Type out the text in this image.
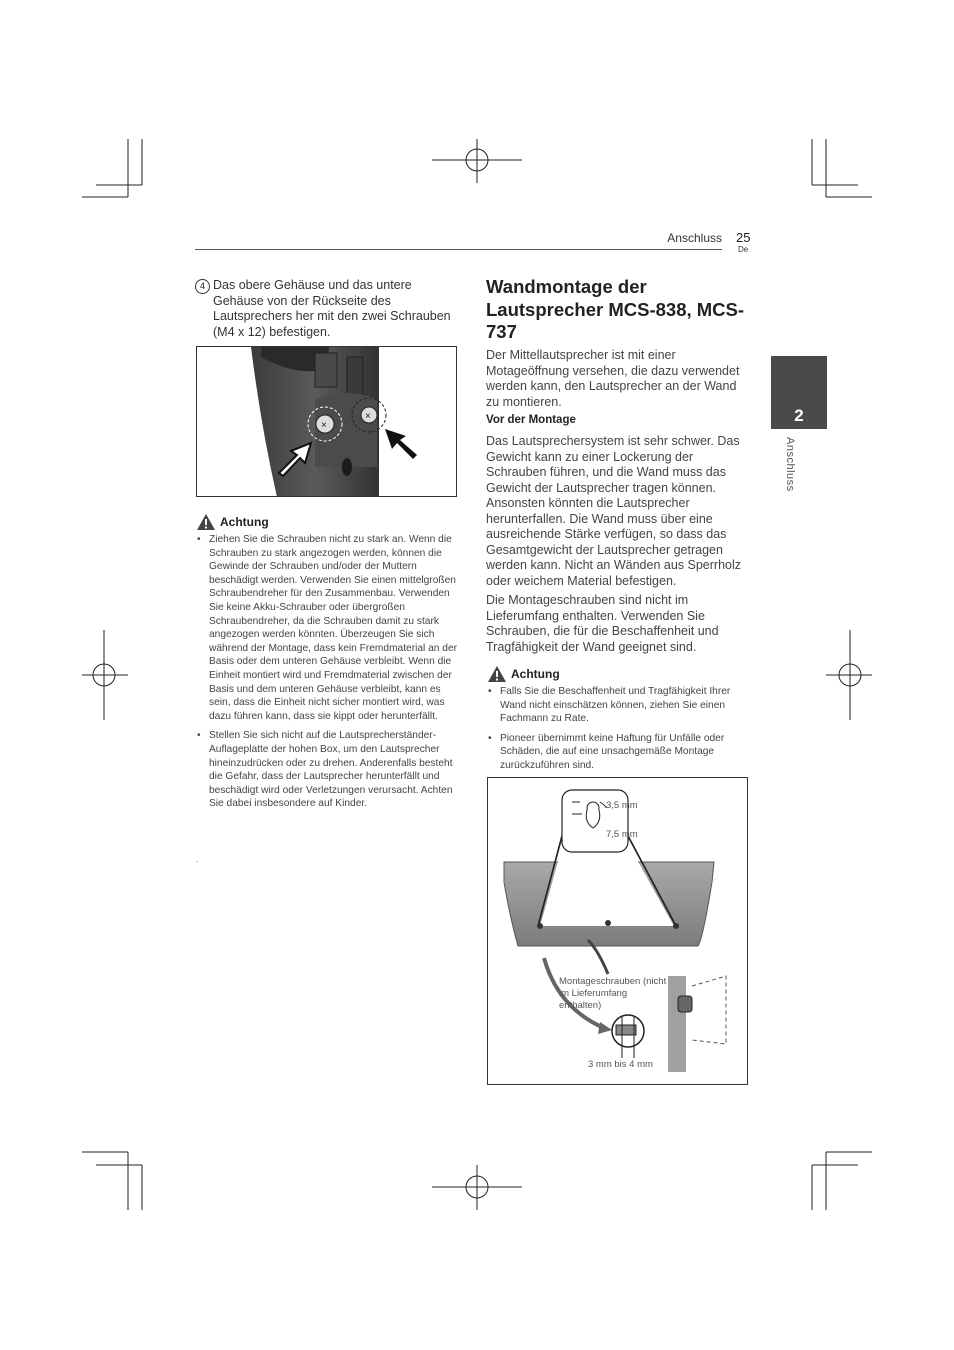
Anschluss 25
De
2
Anschluss
4 Das obere Gehäuse und das untere Gehäuse von der Rückseite des Lautsprechers her mit den zwei Schrauben (M4 x 12) befestigen.
×
×
Achtung
• Ziehen Sie die Schrauben nicht zu stark an. Wenn die Schrauben zu stark angezogen werden, können die Gewinde der Schrauben und/oder der Muttern beschädigt werden. Verwenden Sie einen mittelgroßen Schraubendreher für den Zusammenbau. Verwenden Sie keine Akku-Schrauber oder übergroßen Schraubendreher, da die Schrauben damit zu stark angezogen werden könnten. Überzeugen Sie sich während der Montage, dass kein Fremdmaterial an der Basis oder dem unteren Gehäuse verbleibt. Wenn die Einheit montiert wird und Fremdmaterial zwischen der Basis und dem unteren Gehäuse verbleibt, kann es sein, dass die Einheit nicht sicher montiert wird, was dazu führen kann, dass sie kippt oder herunterfällt.
• Stellen Sie sich nicht auf die Lautsprecherständer-Auflageplatte der hohen Box, um den Lautsprecher hineinzudrücken oder zu drehen. Anderenfalls besteht die Gefahr, dass der Lautsprecher herunterfällt und beschädigt wird oder Verletzungen verursacht. Achten Sie dabei insbesondere auf Kinder.
.
Wandmontage der Lautsprecher MCS-838, MCS-737
Der Mittellautsprecher ist mit einer Motageöffnung versehen, die dazu verwendet werden kann, den Lautsprecher an der Wand zu montieren.
Vor der Montage
Das Lautsprechersystem ist sehr schwer. Das Gewicht kann zu einer Lockerung der Schrauben führen, und die Wand muss das Gewicht der Lautsprecher tragen können. Ansonsten könnten die Lautsprecher herunterfallen. Die Wand muss über eine ausreichende Stärke verfügen, so dass das Gesamtgewicht der Lautsprecher getragen werden kann. Nicht an Wänden aus Sperrholz oder weichem Material befestigen.
Die Montageschrauben sind nicht im Lieferumfang enthalten. Verwenden Sie Schrauben, die für die Beschaffenheit und Tragfähigkeit der Wand geeignet sind.
Achtung
• Falls Sie die Beschaffenheit und Tragfähigkeit Ihrer Wand nicht einschätzen können, ziehen Sie einen Fachmann zu Rate.
• Pioneer übernimmt keine Haftung für Unfälle oder Schäden, die auf eine unsachgemäße Montage zurückzuführen sind.
3,5 mm
7,5 mm
Montageschrauben (nicht im Lieferumfang enthalten)
3 mm bis 4 mm
